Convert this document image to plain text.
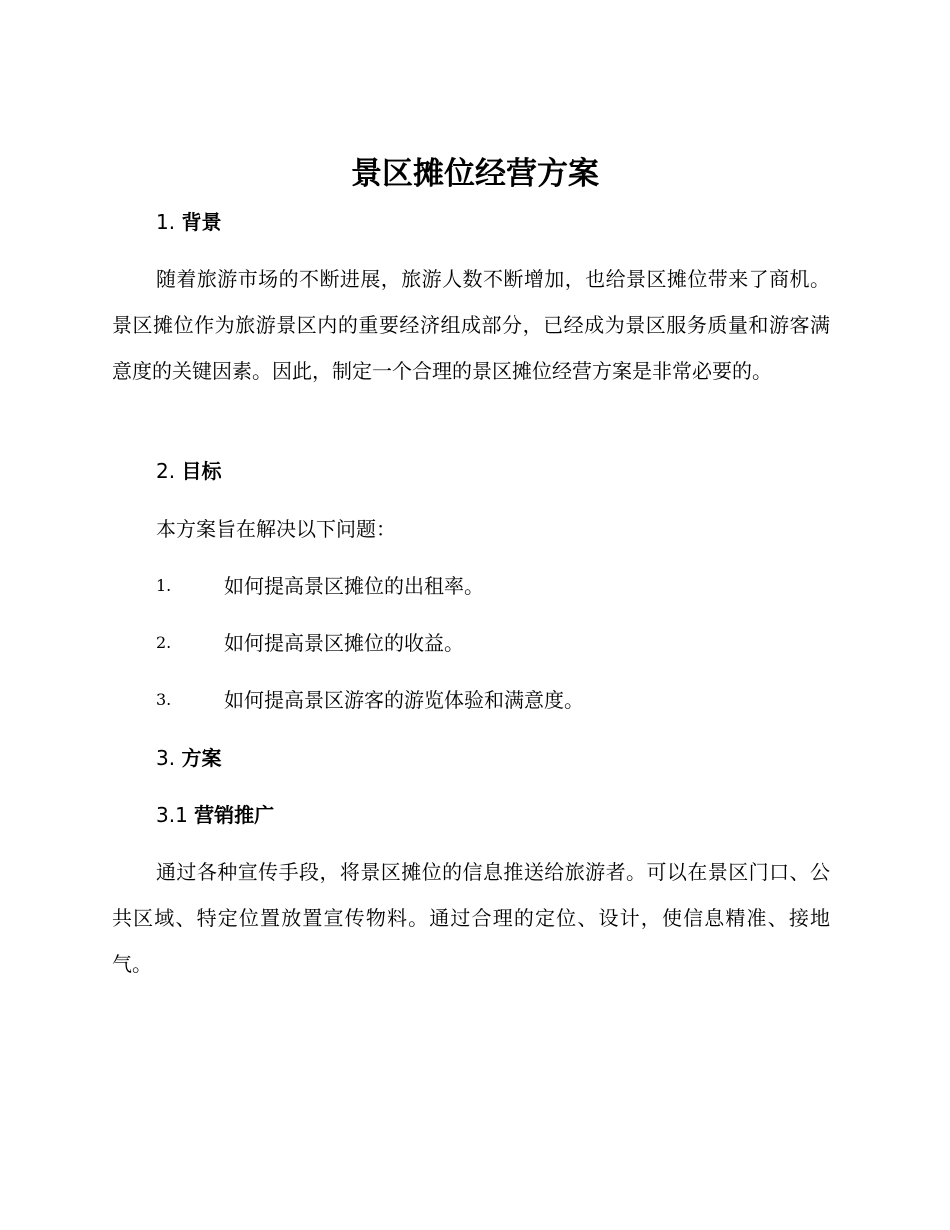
景区摊位经营方案
1. 背景

随着旅游市场的不断进展，旅游人数不断增加，也给景区摊位带来了商机。景区摊位作为旅游景区内的重要经济组成部分，已经成为景区服务质量和游客满意度的关键因素。因此，制定一个合理的景区摊位经营方案是非常必要的。

2. 目标

本方案旨在解决以下问题：

1.	如何提高景区摊位的出租率。
2.	如何提高景区摊位的收益。
3.	如何提高景区游客的游览体验和满意度。
3. 方案
3.1 营销推广

通过各种宣传手段，将景区摊位的信息推送给旅游者。可以在景区门口、公共区域、特定位置放置宣传物料。通过合理的定位、设计，使信息精准、接地气。
